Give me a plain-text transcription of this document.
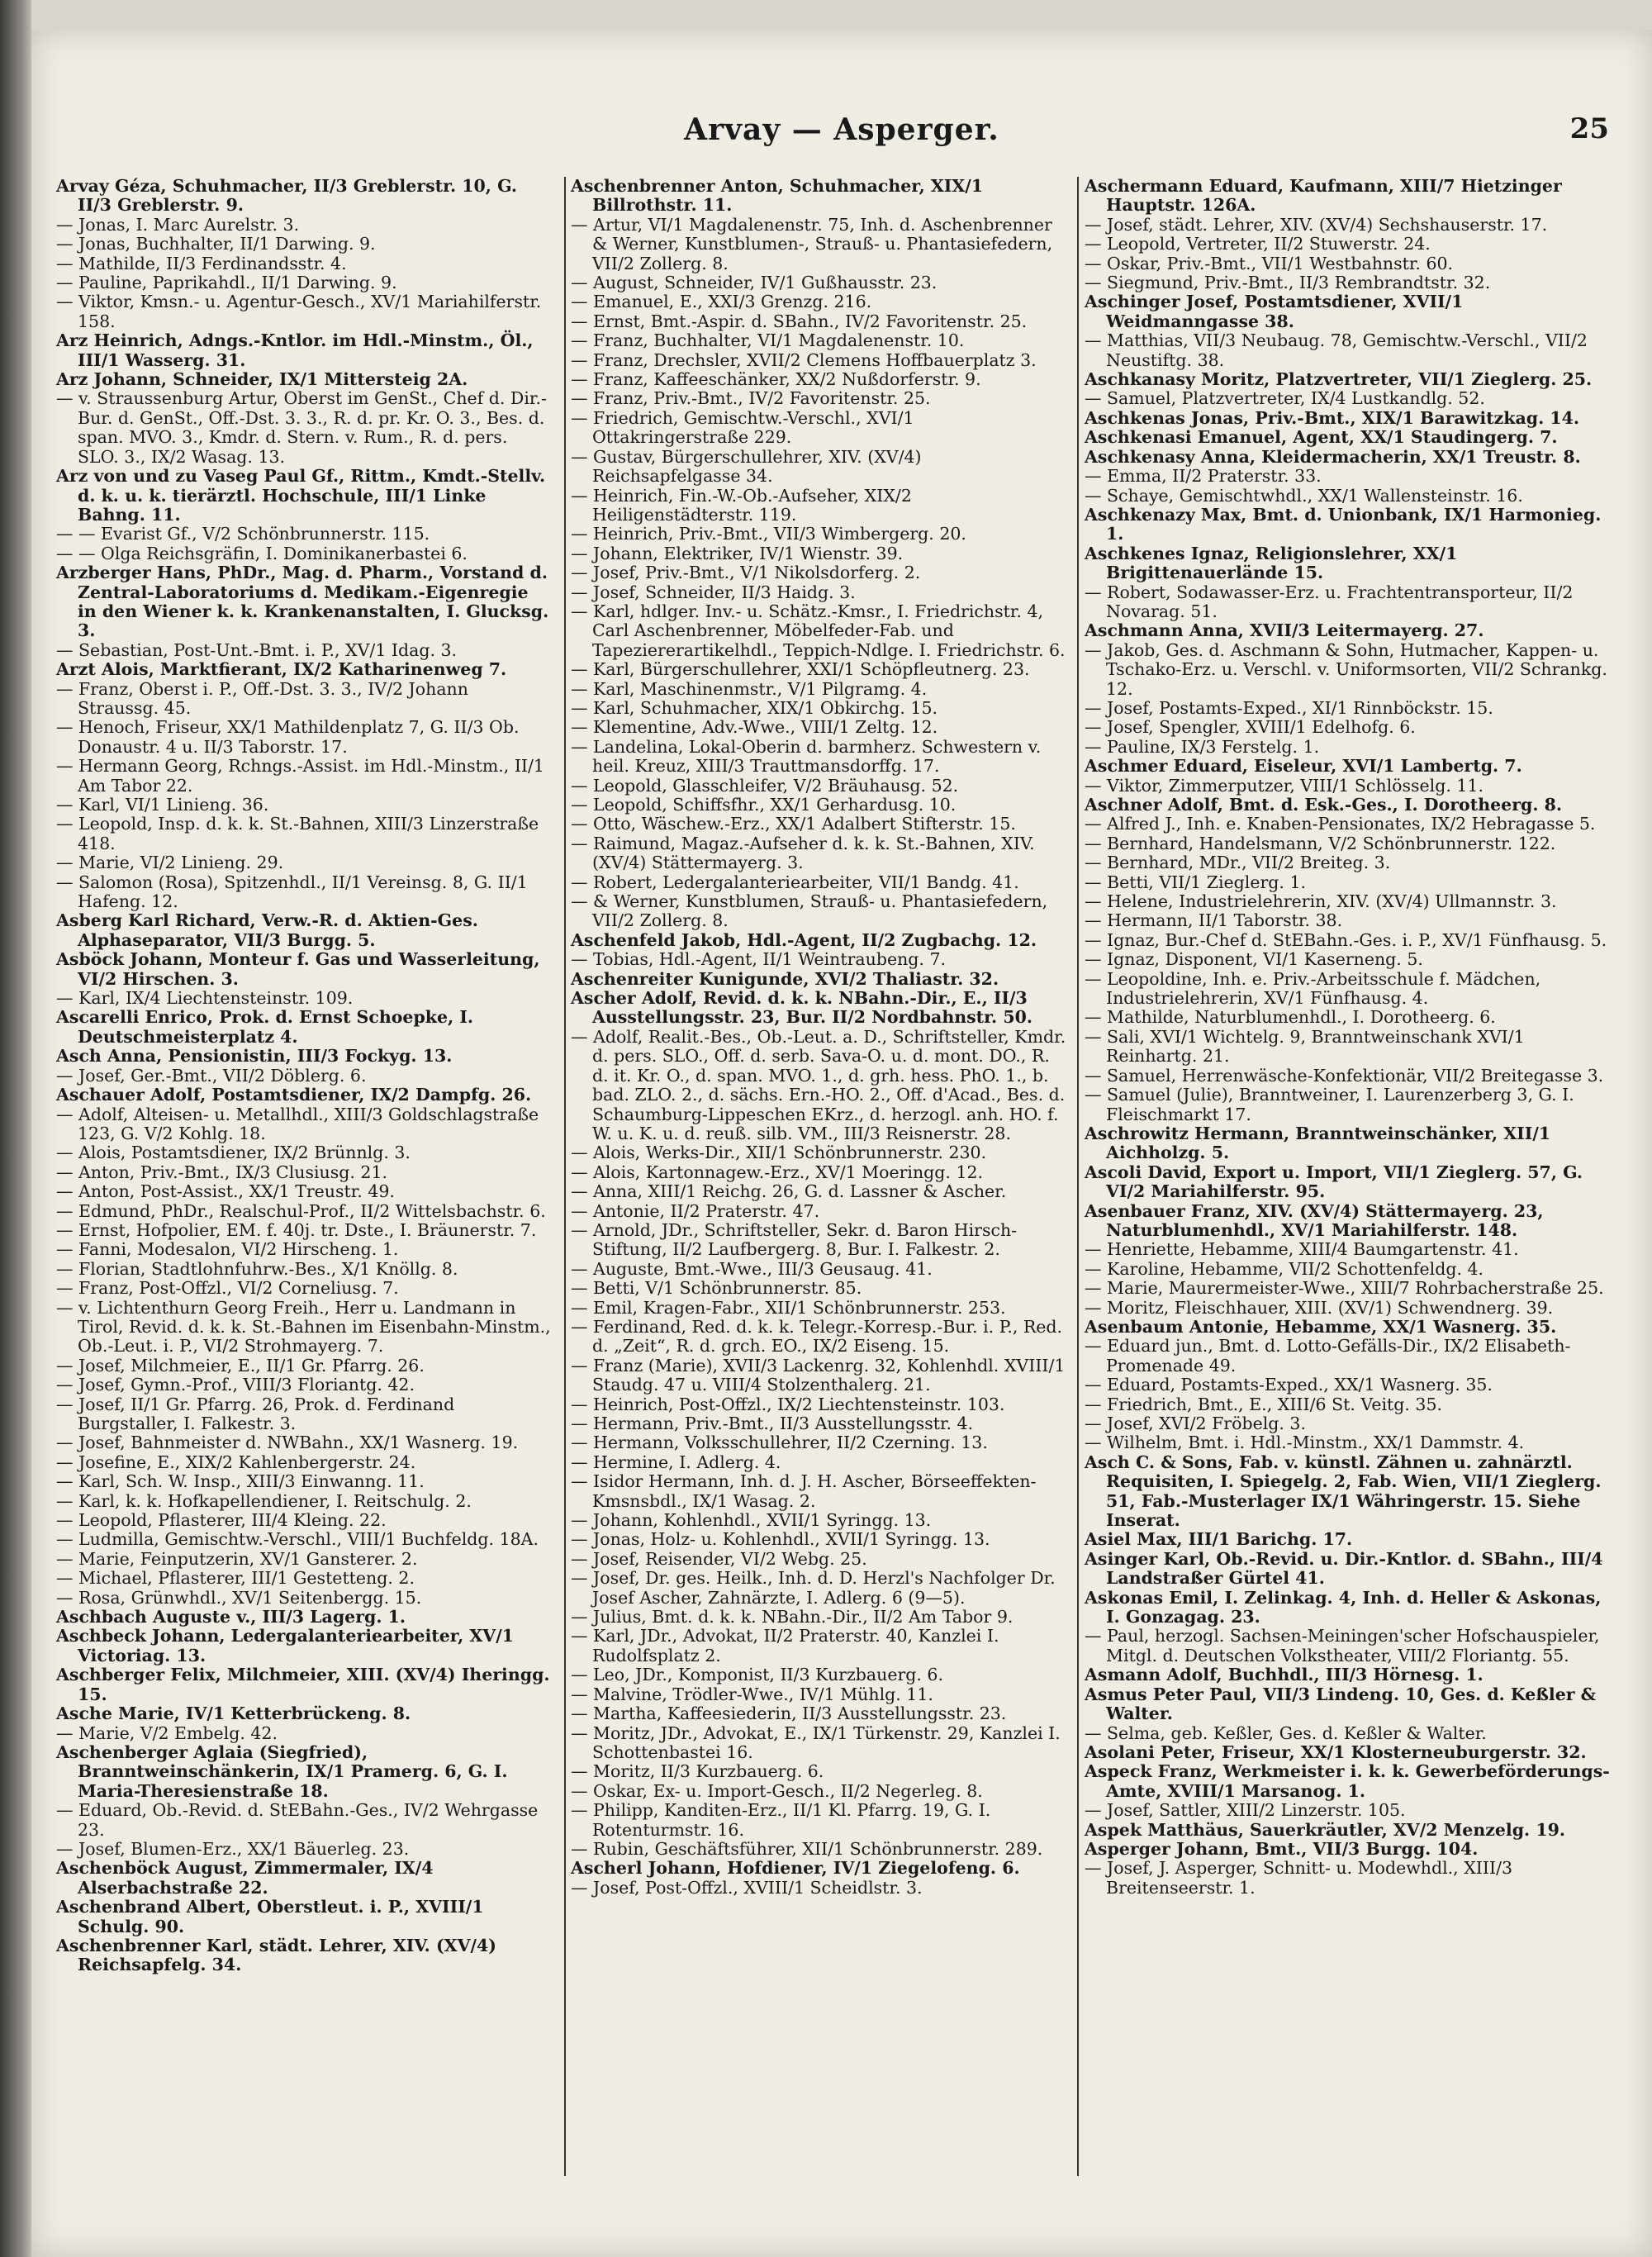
Arvay — Asperger.	25

Arvay Géza, Schuhmacher, II/3 Greblerstr. 10, G. II/3 Greblerstr. 9.

— Jonas, I. Marc Aurelstr. 3.

— Jonas, Buchhalter, II/1 Darwing. 9.

— Mathilde, II/3 Ferdinandsstr. 4.

— Pauline, Paprikahdl., II/1 Darwing. 9.

— Viktor, Kmsn.- u. Agentur-Gesch., XV/1 Mariahilferstr. 158.

Arz Heinrich, Adngs.-Kntlor. im Hdl.-Minstm., Öl., III/1 Wasserg. 31.

Arz Johann, Schneider, IX/1 Mittersteig 2A.

— v. Straussenburg Artur, Oberst im GenSt., Chef d. Dir.-Bur. d. GenSt., Off.-Dst. 3. 3., R. d. pr. Kr. O. 3., Bes. d. span. MVO. 3., Kmdr. d. Stern. v. Rum., R. d. pers. SLO. 3., IX/2 Wasag. 13.

Arz von und zu Vaseg Paul Gf., Rittm., Kmdt.-Stellv. d. k. u. k. tierärztl. Hochschule, III/1 Linke Bahng. 11.

— — Evarist Gf., V/2 Schönbrunnerstr. 115.

— — Olga Reichsgräfin, I. Dominikanerbastei 6.

Arzberger Hans, PhDr., Mag. d. Pharm., Vorstand d. Zentral-Laboratoriums d. Medikam.-Eigenregie in den Wiener k. k. Krankenanstalten, I. Glucksg. 3.

— Sebastian, Post-Unt.-Bmt. i. P., XV/1 Idag. 3.

Arzt Alois, Marktfierant, IX/2 Katharinenweg 7.

— Franz, Oberst i. P., Off.-Dst. 3. 3., IV/2 Johann Straussg. 45.

— Henoch, Friseur, XX/1 Mathildenplatz 7, G. II/3 Ob. Donaustr. 4 u. II/3 Taborstr. 17.

— Hermann Georg, Rchngs.-Assist. im Hdl.-Minstm., II/1 Am Tabor 22.

— Karl, VI/1 Linieng. 36.

— Leopold, Insp. d. k. k. St.-Bahnen, XIII/3 Linzerstraße 418.

— Marie, VI/2 Linieng. 29.

— Salomon (Rosa), Spitzenhdl., II/1 Vereinsg. 8, G. II/1 Hafeng. 12.

Asberg Karl Richard, Verw.-R. d. Aktien-Ges. Alphaseparator, VII/3 Burgg. 5.

Asböck Johann, Monteur f. Gas und Wasserleitung, VI/2 Hirschen. 3.

— Karl, IX/4 Liechtensteinstr. 109.

Ascarelli Enrico, Prok. d. Ernst Schoepke, I. Deutschmeisterplatz 4.

Asch Anna, Pensionistin, III/3 Fockyg. 13.

— Josef, Ger.-Bmt., VII/2 Döblerg. 6.

Aschauer Adolf, Postamtsdiener, IX/2 Dampfg. 26.

— Adolf, Alteisen- u. Metallhdl., XIII/3 Goldschlagstraße 123, G. V/2 Kohlg. 18.

— Alois, Postamtsdiener, IX/2 Brünnlg. 3.

— Anton, Priv.-Bmt., IX/3 Clusiusg. 21.

— Anton, Post-Assist., XX/1 Treustr. 49.

— Edmund, PhDr., Realschul-Prof., II/2 Wittelsbachstr. 6.

— Ernst, Hofpolier, EM. f. 40j. tr. Dste., I. Bräunerstr. 7.

— Fanni, Modesalon, VI/2 Hirscheng. 1.

— Florian, Stadtlohnfuhrw.-Bes., X/1 Knöllg. 8.

— Franz, Post-Offzl., VI/2 Corneliusg. 7.

— v. Lichtenthurn Georg Freih., Herr u. Landmann in Tirol, Revid. d. k. k. St.-Bahnen im Eisenbahn-Minstm., Ob.-Leut. i. P., VI/2 Strohmayerg. 7.

— Josef, Milchmeier, E., II/1 Gr. Pfarrg. 26.

— Josef, Gymn.-Prof., VIII/3 Floriantg. 42.

— Josef, II/1 Gr. Pfarrg. 26, Prok. d. Ferdinand Burgstaller, I. Falkestr. 3.

— Josef, Bahnmeister d. NWBahn., XX/1 Wasnerg. 19.

— Josefine, E., XIX/2 Kahlenbergerstr. 24.

— Karl, Sch. W. Insp., XIII/3 Einwanng. 11.

— Karl, k. k. Hofkapellendiener, I. Reitschulg. 2.

— Leopold, Pflasterer, III/4 Kleing. 22.

— Ludmilla, Gemischtw.-Verschl., VIII/1 Buchfeldg. 18A.

— Marie, Feinputzerin, XV/1 Gansterer. 2.

— Michael, Pflasterer, III/1 Gestetteng. 2.

— Rosa, Grünwhdl., XV/1 Seitenbergg. 15.

Aschbach Auguste v., III/3 Lagerg. 1.

Aschbeck Johann, Ledergalanteriearbeiter, XV/1 Victoriag. 13.

Aschberger Felix, Milchmeier, XIII. (XV/4) Iheringg. 15.

Asche Marie, IV/1 Ketterbrückeng. 8.

— Marie, V/2 Embelg. 42.

Aschenberger Aglaia (Siegfried), Branntweinschänkerin, IX/1 Pramerg. 6, G. I. Maria-Theresienstraße 18.

— Eduard, Ob.-Revid. d. StEBahn.-Ges., IV/2 Wehrgasse 23.

— Josef, Blumen-Erz., XX/1 Bäuerleg. 23.

Aschenböck August, Zimmermaler, IX/4 Alserbachstraße 22.

Aschenbrand Albert, Oberstleut. i. P., XVIII/1 Schulg. 90.

Aschenbrenner Karl, städt. Lehrer, XIV. (XV/4) Reichsapfelg. 34.

Aschenbrenner Anton, Schuhmacher, XIX/1 Billrothstr. 11.

— Artur, VI/1 Magdalenenstr. 75, Inh. d. Aschenbrenner & Werner, Kunstblumen-, Strauß- u. Phantasiefedern, VII/2 Zollerg. 8.

— August, Schneider, IV/1 Gußhausstr. 23.

— Emanuel, E., XXI/3 Grenzg. 216.

— Ernst, Bmt.-Aspir. d. SBahn., IV/2 Favoritenstr. 25.

— Franz, Buchhalter, VI/1 Magdalenenstr. 10.

— Franz, Drechsler, XVII/2 Clemens Hoffbauerplatz 3.

— Franz, Kaffeeschänker, XX/2 Nußdorferstr. 9.

— Franz, Priv.-Bmt., IV/2 Favoritenstr. 25.

— Friedrich, Gemischtw.-Verschl., XVI/1 Ottakringerstraße 229.

— Gustav, Bürgerschullehrer, XIV. (XV/4) Reichsapfelgasse 34.

— Heinrich, Fin.-W.-Ob.-Aufseher, XIX/2 Heiligenstädterstr. 119.

— Heinrich, Priv.-Bmt., VII/3 Wimbergerg. 20.

— Johann, Elektriker, IV/1 Wienstr. 39.

— Josef, Priv.-Bmt., V/1 Nikolsdorferg. 2.

— Josef, Schneider, II/3 Haidg. 3.

— Karl, hdlger. Inv.- u. Schätz.-Kmsr., I. Friedrichstr. 4, Carl Aschenbrenner, Möbelfeder-Fab. und Tapeziererartikelhdl., Teppich-Ndlge. I. Friedrichstr. 6.

— Karl, Bürgerschullehrer, XXI/1 Schöpfleutnerg. 23.

— Karl, Maschinenmstr., V/1 Pilgramg. 4.

— Karl, Schuhmacher, XIX/1 Obkirchg. 15.

— Klementine, Adv.-Wwe., VIII/1 Zeltg. 12.

— Landelina, Lokal-Oberin d. barmherz. Schwestern v. heil. Kreuz, XIII/3 Trauttmansdorffg. 17.

— Leopold, Glasschleifer, V/2 Bräuhausg. 52.

— Leopold, Schiffsfhr., XX/1 Gerhardusg. 10.

— Otto, Wäschew.-Erz., XX/1 Adalbert Stifterstr. 15.

— Raimund, Magaz.-Aufseher d. k. k. St.-Bahnen, XIV. (XV/4) Stättermayerg. 3.

— Robert, Ledergalanteriearbeiter, VII/1 Bandg. 41.

— & Werner, Kunstblumen, Strauß- u. Phantasiefedern, VII/2 Zollerg. 8.

Aschenfeld Jakob, Hdl.-Agent, II/2 Zugbachg. 12.

— Tobias, Hdl.-Agent, II/1 Weintraubeng. 7.

Aschenreiter Kunigunde, XVI/2 Thaliastr. 32.

Ascher Adolf, Revid. d. k. k. NBahn.-Dir., E., II/3 Ausstellungsstr. 23, Bur. II/2 Nordbahnstr. 50.

— Adolf, Realit.-Bes., Ob.-Leut. a. D., Schriftsteller, Kmdr. d. pers. SLO., Off. d. serb. Sava-O. u. d. mont. DO., R. d. it. Kr. O., d. span. MVO. 1., d. grh. hess. PhO. 1., b. bad. ZLO. 2., d. sächs. Ern.-HO. 2., Off. d'Acad., Bes. d. Schaumburg-Lippeschen EKrz., d. herzogl. anh. HO. f. W. u. K. u. d. reuß. silb. VM., III/3 Reisnerstr. 28.

— Alois, Werks-Dir., XII/1 Schönbrunnerstr. 230.

— Alois, Kartonnagew.-Erz., XV/1 Moeringg. 12.

— Anna, XIII/1 Reichg. 26, G. d. Lassner & Ascher.

— Antonie, II/2 Praterstr. 47.

— Arnold, JDr., Schriftsteller, Sekr. d. Baron Hirsch-Stiftung, II/2 Laufbergerg. 8, Bur. I. Falkestr. 2.

— Auguste, Bmt.-Wwe., III/3 Geusaug. 41.

— Betti, V/1 Schönbrunnerstr. 85.

— Emil, Kragen-Fabr., XII/1 Schönbrunnerstr. 253.

— Ferdinand, Red. d. k. k. Telegr.-Korresp.-Bur. i. P., Red. d. „Zeit“, R. d. grch. EO., IX/2 Eiseng. 15.

— Franz (Marie), XVII/3 Lackenrg. 32, Kohlenhdl. XVIII/1 Staudg. 47 u. VIII/4 Stolzenthalerg. 21.

— Heinrich, Post-Offzl., IX/2 Liechtensteinstr. 103.

— Hermann, Priv.-Bmt., II/3 Ausstellungsstr. 4.

— Hermann, Volksschullehrer, II/2 Czerning. 13.

— Hermine, I. Adlerg. 4.

— Isidor Hermann, Inh. d. J. H. Ascher, Börseeffekten-Kmsnsbdl., IX/1 Wasag. 2.

— Johann, Kohlenhdl., XVII/1 Syringg. 13.

— Jonas, Holz- u. Kohlenhdl., XVII/1 Syringg. 13.

— Josef, Reisender, VI/2 Webg. 25.

— Josef, Dr. ges. Heilk., Inh. d. D. Herzl's Nachfolger Dr. Josef Ascher, Zahnärzte, I. Adlerg. 6 (9—5).

— Julius, Bmt. d. k. k. NBahn.-Dir., II/2 Am Tabor 9.

— Karl, JDr., Advokat, II/2 Praterstr. 40, Kanzlei I. Rudolfsplatz 2.

— Leo, JDr., Komponist, II/3 Kurzbauerg. 6.

— Malvine, Trödler-Wwe., IV/1 Mühlg. 11.

— Martha, Kaffeesiederin, II/3 Ausstellungsstr. 23.

— Moritz, JDr., Advokat, E., IX/1 Türkenstr. 29, Kanzlei I. Schottenbastei 16.

— Moritz, II/3 Kurzbauerg. 6.

— Oskar, Ex- u. Import-Gesch., II/2 Negerleg. 8.

— Philipp, Kanditen-Erz., II/1 Kl. Pfarrg. 19, G. I. Rotenturmstr. 16.

— Rubin, Geschäftsführer, XII/1 Schönbrunnerstr. 289.

Ascherl Johann, Hofdiener, IV/1 Ziegelofeng. 6.

— Josef, Post-Offzl., XVIII/1 Scheidlstr. 3.

Aschermann Eduard, Kaufmann, XIII/7 Hietzinger Hauptstr. 126A.

— Josef, städt. Lehrer, XIV. (XV/4) Sechshauserstr. 17.

— Leopold, Vertreter, II/2 Stuwerstr. 24.

— Oskar, Priv.-Bmt., VII/1 Westbahnstr. 60.

— Siegmund, Priv.-Bmt., II/3 Rembrandtstr. 32.

Aschinger Josef, Postamtsdiener, XVII/1 Weidmanngasse 38.

— Matthias, VII/3 Neubaug. 78, Gemischtw.-Verschl., VII/2 Neustiftg. 38.

Aschkanasy Moritz, Platzvertreter, VII/1 Zieglerg. 25.

— Samuel, Platzvertreter, IX/4 Lustkandlg. 52.

Aschkenas Jonas, Priv.-Bmt., XIX/1 Barawitzkag. 14.

Aschkenasi Emanuel, Agent, XX/1 Staudingerg. 7.

Aschkenasy Anna, Kleidermacherin, XX/1 Treustr. 8.

— Emma, II/2 Praterstr. 33.

— Schaye, Gemischtwhdl., XX/1 Wallensteinstr. 16.

Aschkenazy Max, Bmt. d. Unionbank, IX/1 Harmonieg. 1.

Aschkenes Ignaz, Religionslehrer, XX/1 Brigittenauerlände 15.

— Robert, Sodawasser-Erz. u. Frachtentransporteur, II/2 Novarag. 51.

Aschmann Anna, XVII/3 Leitermayerg. 27.

— Jakob, Ges. d. Aschmann & Sohn, Hutmacher, Kappen- u. Tschako-Erz. u. Verschl. v. Uniformsorten, VII/2 Schrankg. 12.

— Josef, Postamts-Exped., XI/1 Rinnböckstr. 15.

— Josef, Spengler, XVIII/1 Edelhofg. 6.

— Pauline, IX/3 Ferstelg. 1.

Aschmer Eduard, Eiseleur, XVI/1 Lambertg. 7.

— Viktor, Zimmerputzer, VIII/1 Schlösselg. 11.

Aschner Adolf, Bmt. d. Esk.-Ges., I. Dorotheerg. 8.

— Alfred J., Inh. e. Knaben-Pensionates, IX/2 Hebragasse 5.

— Bernhard, Handelsmann, V/2 Schönbrunnerstr. 122.

— Bernhard, MDr., VII/2 Breiteg. 3.

— Betti, VII/1 Zieglerg. 1.

— Helene, Industrielehrerin, XIV. (XV/4) Ullmannstr. 3.

— Hermann, II/1 Taborstr. 38.

— Ignaz, Bur.-Chef d. StEBahn.-Ges. i. P., XV/1 Fünfhausg. 5.

— Ignaz, Disponent, VI/1 Kaserneng. 5.

— Leopoldine, Inh. e. Priv.-Arbeitsschule f. Mädchen, Industrielehrerin, XV/1 Fünfhausg. 4.

— Mathilde, Naturblumenhdl., I. Dorotheerg. 6.

— Sali, XVI/1 Wichtelg. 9, Branntweinschank XVI/1 Reinhartg. 21.

— Samuel, Herrenwäsche-Konfektionär, VII/2 Breitegasse 3.

— Samuel (Julie), Branntweiner, I. Laurenzerberg 3, G. I. Fleischmarkt 17.

Aschrowitz Hermann, Branntweinschänker, XII/1 Aichholzg. 5.

Ascoli David, Export u. Import, VII/1 Zieglerg. 57, G. VI/2 Mariahilferstr. 95.

Asenbauer Franz, XIV. (XV/4) Stättermayerg. 23, Naturblumenhdl., XV/1 Mariahilferstr. 148.

— Henriette, Hebamme, XIII/4 Baumgartenstr. 41.

— Karoline, Hebamme, VII/2 Schottenfeldg. 4.

— Marie, Maurermeister-Wwe., XIII/7 Rohrbacherstraße 25.

— Moritz, Fleischhauer, XIII. (XV/1) Schwendnerg. 39.

Asenbaum Antonie, Hebamme, XX/1 Wasnerg. 35.

— Eduard jun., Bmt. d. Lotto-Gefälls-Dir., IX/2 Elisabeth-Promenade 49.

— Eduard, Postamts-Exped., XX/1 Wasnerg. 35.

— Friedrich, Bmt., E., XIII/6 St. Veitg. 35.

— Josef, XVI/2 Fröbelg. 3.

— Wilhelm, Bmt. i. Hdl.-Minstm., XX/1 Dammstr. 4.

Asch C. & Sons, Fab. v. künstl. Zähnen u. zahnärztl. Requisiten, I. Spiegelg. 2, Fab. Wien, VII/1 Zieglerg. 51, Fab.-Musterlager IX/1 Währingerstr. 15. Siehe Inserat.

Asiel Max, III/1 Barichg. 17.

Asinger Karl, Ob.-Revid. u. Dir.-Kntlor. d. SBahn., III/4 Landstraßer Gürtel 41.

Askonas Emil, I. Zelinkag. 4, Inh. d. Heller & Askonas, I. Gonzagag. 23.

— Paul, herzogl. Sachsen-Meiningen'scher Hofschauspieler, Mitgl. d. Deutschen Volkstheater, VIII/2 Floriantg. 55.

Asmann Adolf, Buchhdl., III/3 Hörnesg. 1.

Asmus Peter Paul, VII/3 Lindeng. 10, Ges. d. Keßler & Walter.

— Selma, geb. Keßler, Ges. d. Keßler & Walter.

Asolani Peter, Friseur, XX/1 Klosterneuburgerstr. 32.

Aspeck Franz, Werkmeister i. k. k. Gewerbeförderungs-Amte, XVIII/1 Marsanog. 1.

— Josef, Sattler, XIII/2 Linzerstr. 105.

Aspek Matthäus, Sauerkräutler, XV/2 Menzelg. 19.

Asperger Johann, Bmt., VII/3 Burgg. 104.

— Josef, J. Asperger, Schnitt- u. Modewhdl., XIII/3 Breitenseerstr. 1.
